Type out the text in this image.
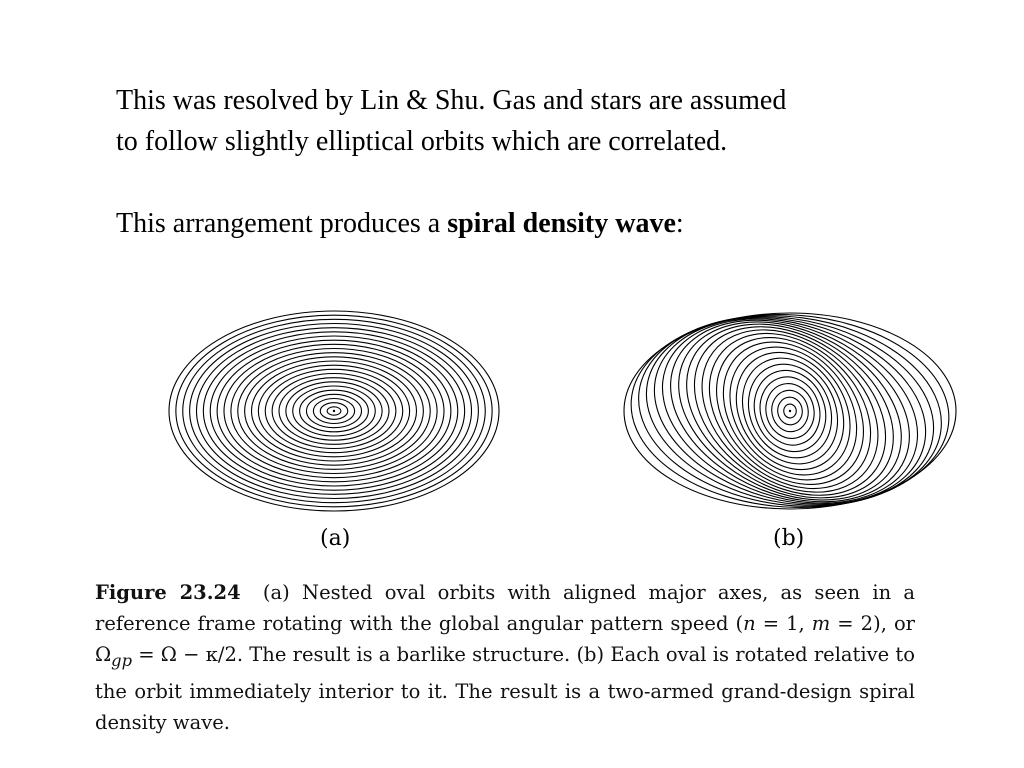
This was resolved by Lin & Shu. Gas and stars are assumed
to follow slightly elliptical orbits which are correlated.

This arrangement produces a spiral density wave:

(a)	(b)
Figure 23.24 (a) Nested oval orbits with aligned major axes, as seen in a reference frame rotating with the global angular pattern speed (n = 1, m = 2), or $\Omega_{gp} = \Omega - \kappa/2$. The result is a barlike structure. (b) Each oval is rotated relative to the orbit immediately interior to it. The result is a two-armed grand-design spiral density wave.
